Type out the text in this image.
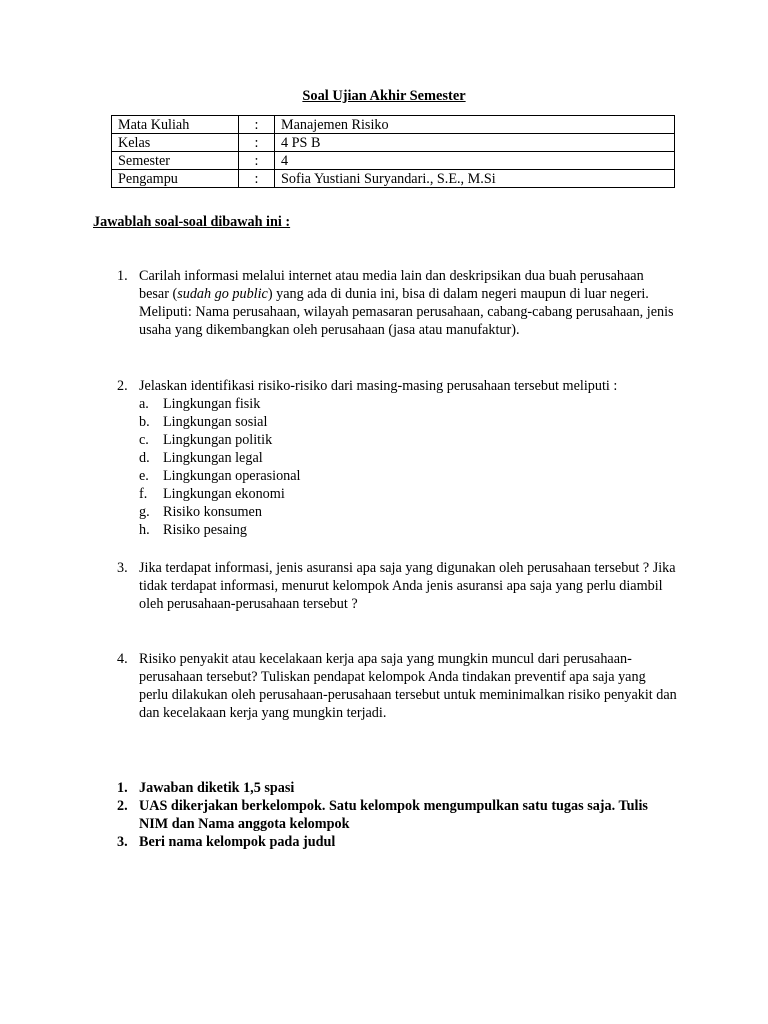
Soal Ujian Akhir Semester
Mata Kuliah	:	Manajemen Risiko
Kelas	:	4 PS B
Semester	:	4
Pengampu	:	Sofia Yustiani Suryandari., S.E., M.Si
Jawablah soal-soal dibawah ini :
1. Carilah informasi melalui internet atau media lain dan deskripsikan dua buah perusahaan besar (sudah go public) yang ada di dunia ini, bisa di dalam negeri maupun di luar negeri. Meliputi: Nama perusahaan, wilayah pemasaran perusahaan, cabang-cabang perusahaan, jenis usaha yang dikembangkan oleh perusahaan (jasa atau manufaktur).
2. Jelaskan identifikasi risiko-risiko dari masing-masing perusahaan tersebut meliputi :
a. Lingkungan fisik
b. Lingkungan sosial
c. Lingkungan politik
d. Lingkungan legal
e. Lingkungan operasional
f. Lingkungan ekonomi
g. Risiko konsumen
h. Risiko pesaing
3. Jika terdapat informasi, jenis asuransi apa saja yang digunakan oleh perusahaan tersebut ? Jika tidak terdapat informasi, menurut kelompok Anda jenis asuransi apa saja yang perlu diambil oleh perusahaan-perusahaan tersebut ?
4. Risiko penyakit atau kecelakaan kerja apa saja yang mungkin muncul dari perusahaan-perusahaan tersebut? Tuliskan pendapat kelompok Anda tindakan preventif apa saja yang perlu dilakukan oleh perusahaan-perusahaan tersebut untuk meminimalkan risiko penyakit dan dan kecelakaan kerja yang mungkin terjadi.
1. Jawaban diketik 1,5 spasi
2. UAS dikerjakan berkelompok. Satu kelompok mengumpulkan satu tugas saja. Tulis NIM dan Nama anggota kelompok
3. Beri nama kelompok pada judul
